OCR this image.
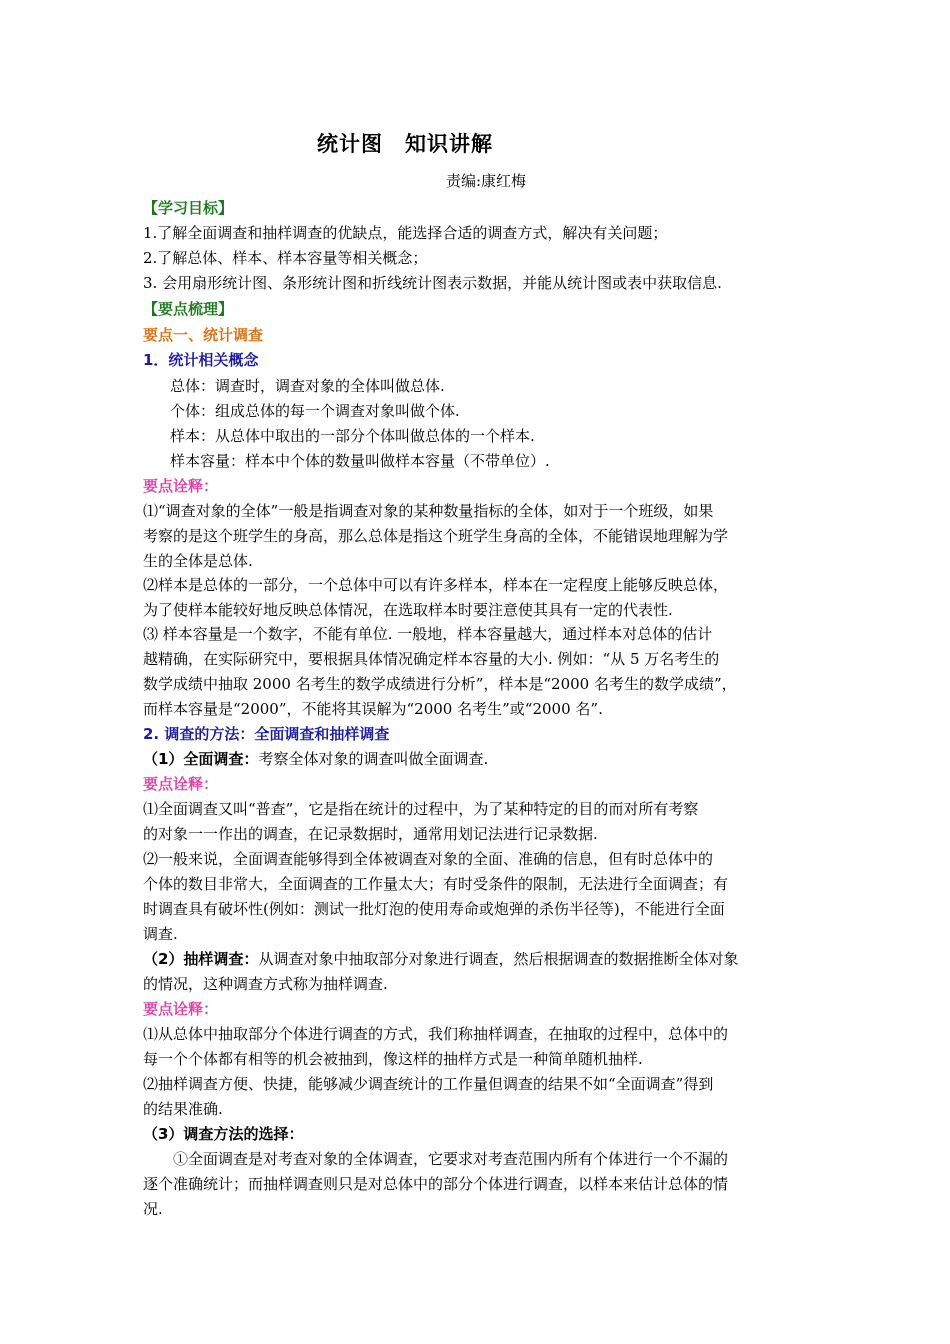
统计图　知识讲解
责编:康红梅
【学习目标】
1.了解全面调查和抽样调查的优缺点，能选择合适的调查方式，解决有关问题；
2.了解总体、样本、样本容量等相关概念；
3. 会用扇形统计图、条形统计图和折线统计图表示数据，并能从统计图或表中获取信息.
【要点梳理】
要点一、统计调查
1．统计相关概念
总体：调查时，调查对象的全体叫做总体.
个体：组成总体的每一个调查对象叫做个体.
样本：从总体中取出的一部分个体叫做总体的一个样本.
样本容量：样本中个体的数量叫做样本容量（不带单位）.
要点诠释：
⑴“调查对象的全体”一般是指调查对象的某种数量指标的全体，如对于一个班级，如果
考察的是这个班学生的身高，那么总体是指这个班学生身高的全体，不能错误地理解为学
生的全体是总体.
⑵样本是总体的一部分，一个总体中可以有许多样本，样本在一定程度上能够反映总体，
为了使样本能较好地反映总体情况，在选取样本时要注意使其具有一定的代表性.
⑶ 样本容量是一个数字，不能有单位. 一般地，样本容量越大，通过样本对总体的估计
越精确，在实际研究中，要根据具体情况确定样本容量的大小. 例如：“从 5 万名考生的
数学成绩中抽取 2000 名考生的数学成绩进行分析”，样本是“2000 名考生的数学成绩”，
而样本容量是“2000”，不能将其误解为“2000 名考生”或“2000 名”.
2. 调查的方法：全面调查和抽样调查
（1）全面调查：考察全体对象的调查叫做全面调查.
要点诠释：
⑴全面调查又叫“普查”，它是指在统计的过程中，为了某种特定的目的而对所有考察
的对象一一作出的调查，在记录数据时，通常用划记法进行记录数据.
⑵一般来说，全面调查能够得到全体被调查对象的全面、准确的信息，但有时总体中的
个体的数目非常大，全面调查的工作量太大；有时受条件的限制，无法进行全面调查；有
时调查具有破坏性(例如：测试一批灯泡的使用寿命或炮弹的杀伤半径等)，不能进行全面
调查.
（2）抽样调查：从调查对象中抽取部分对象进行调查，然后根据调查的数据推断全体对象
的情况，这种调查方式称为抽样调查.
要点诠释：
⑴从总体中抽取部分个体进行调查的方式，我们称抽样调查，在抽取的过程中，总体中的
每一个个体都有相等的机会被抽到，像这样的抽样方式是一种简单随机抽样.
⑵抽样调查方便、快捷，能够减少调查统计的工作量但调查的结果不如“全面调查”得到
的结果准确.
（3）调查方法的选择：
　　①全面调查是对考查对象的全体调查，它要求对考查范围内所有个体进行一个不漏的
逐个准确统计；而抽样调查则只是对总体中的部分个体进行调查，以样本来估计总体的情
况.
